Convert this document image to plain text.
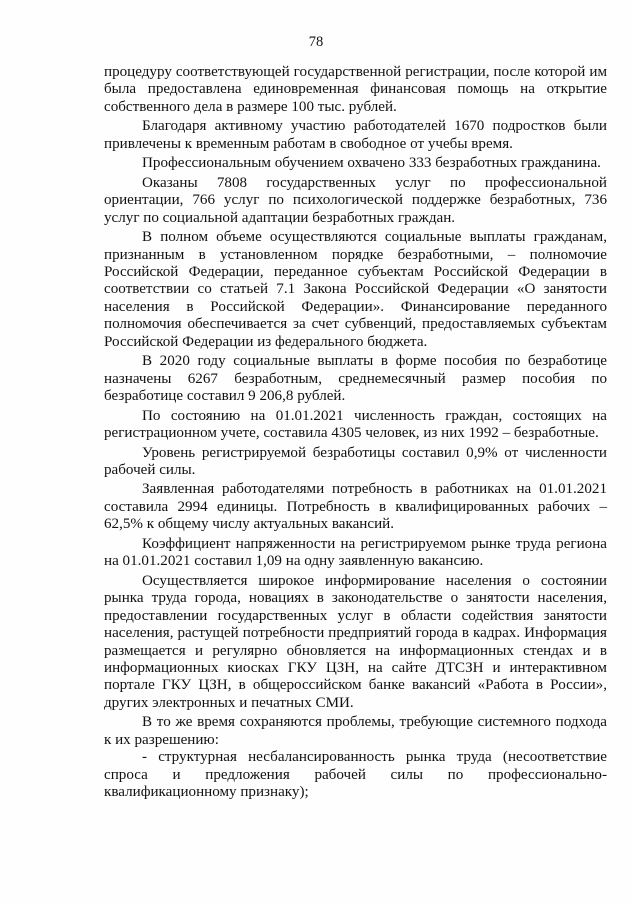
78

процедуру соответствующей государственной регистрации, после которой им была предоставлена единовременная финансовая помощь на открытие собственного дела в размере 100 тыс. рублей.

Благодаря активному участию работодателей 1670 подростков были привлечены к временным работам в свободное от учебы время.

Профессиональным обучением охвачено 333 безработных гражданина.

Оказаны 7808 государственных услуг по профессиональной ориентации, 766 услуг по психологической поддержке безработных, 736 услуг по социальной адаптации безработных граждан.

В полном объеме осуществляются социальные выплаты гражданам, признанным в установленном порядке безработными, – полномочие Российской Федерации, переданное субъектам Российской Федерации в соответствии со статьей 7.1 Закона Российской Федерации «О занятости населения в Российской Федерации». Финансирование переданного полномочия обеспечивается за счет субвенций, предоставляемых субъектам Российской Федерации из федерального бюджета.

В 2020 году социальные выплаты в форме пособия по безработице назначены 6267 безработным, среднемесячный размер пособия по безработице составил 9 206,8 рублей.

По состоянию на 01.01.2021 численность граждан, состоящих на регистрационном учете, составила 4305 человек, из них 1992 – безработные.

Уровень регистрируемой безработицы составил 0,9% от численности рабочей силы.

Заявленная работодателями потребность в работниках на 01.01.2021 составила 2994 единицы. Потребность в квалифицированных рабочих – 62,5% к общему числу актуальных вакансий.

Коэффициент напряженности на регистрируемом рынке труда региона на 01.01.2021 составил 1,09 на одну заявленную вакансию.

Осуществляется широкое информирование населения о состоянии рынка труда города, новациях в законодательстве о занятости населения, предоставлении государственных услуг в области содействия занятости населения, растущей потребности предприятий города в кадрах. Информация размещается и регулярно обновляется на информационных стендах и в информационных киосках ГКУ ЦЗН, на сайте ДТСЗН и интерактивном портале ГКУ ЦЗН, в общероссийском банке вакансий «Работа в России», других электронных и печатных СМИ.

В то же время сохраняются проблемы, требующие системного подхода к их разрешению:

- структурная несбалансированность рынка труда (несоответствие спроса и предложения рабочей силы по профессионально-квалификационному признаку);
